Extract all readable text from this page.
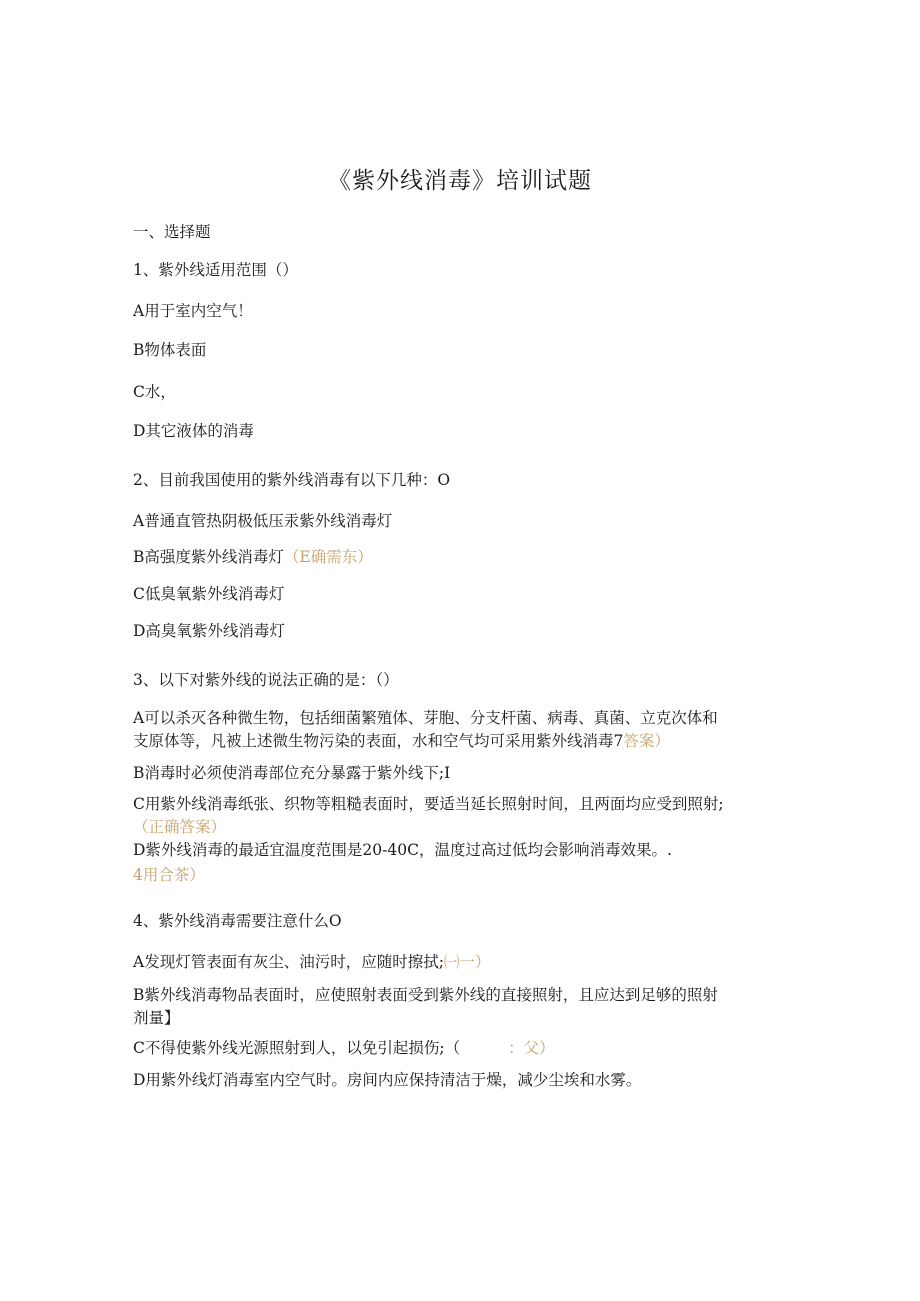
《紫外线消毒》培训试题
一、选择题
1、紫外线适用范围（）
A用于室内空气！
B物体表面
C水，
D其它液体的消毒
2、目前我国使用的紫外线消毒有以下几种：O
A普通直管热阴极低压汞紫外线消毒灯
B高强度紫外线消毒灯（E确需东）
C低臭氧紫外线消毒灯
D高臭氧紫外线消毒灯
3、以下对紫外线的说法正确的是：（）
A可以杀灭各种微生物，包括细菌繁殖体、芽胞、分支杆菌、病毒、真菌、立克次体和
支原体等，凡被上述微生物污染的表面，水和空气均可采用紫外线消毒7答案）
B消毒时必须使消毒部位充分暴露于紫外线下;I
C用紫外线消毒纸张、织物等粗糙表面时，要适当延长照射时间，且两面均应受到照射;
（正确答案）
D紫外线消毒的最适宜温度范围是20-40C，温度过高过低均会影响消毒效果。.
4用合茶）
4、紫外线消毒需要注意什么O
A发现灯管表面有灰尘、油污时，应随时擦拭;㈠一）
B紫外线消毒物品表面时，应使照射表面受到紫外线的直接照射，且应达到足够的照射
剂量】
C不得使紫外线光源照射到人，以免引起损伤;（	：父）
D用紫外线灯消毒室内空气时。房间内应保持清洁于燥，减少尘埃和水雾。
